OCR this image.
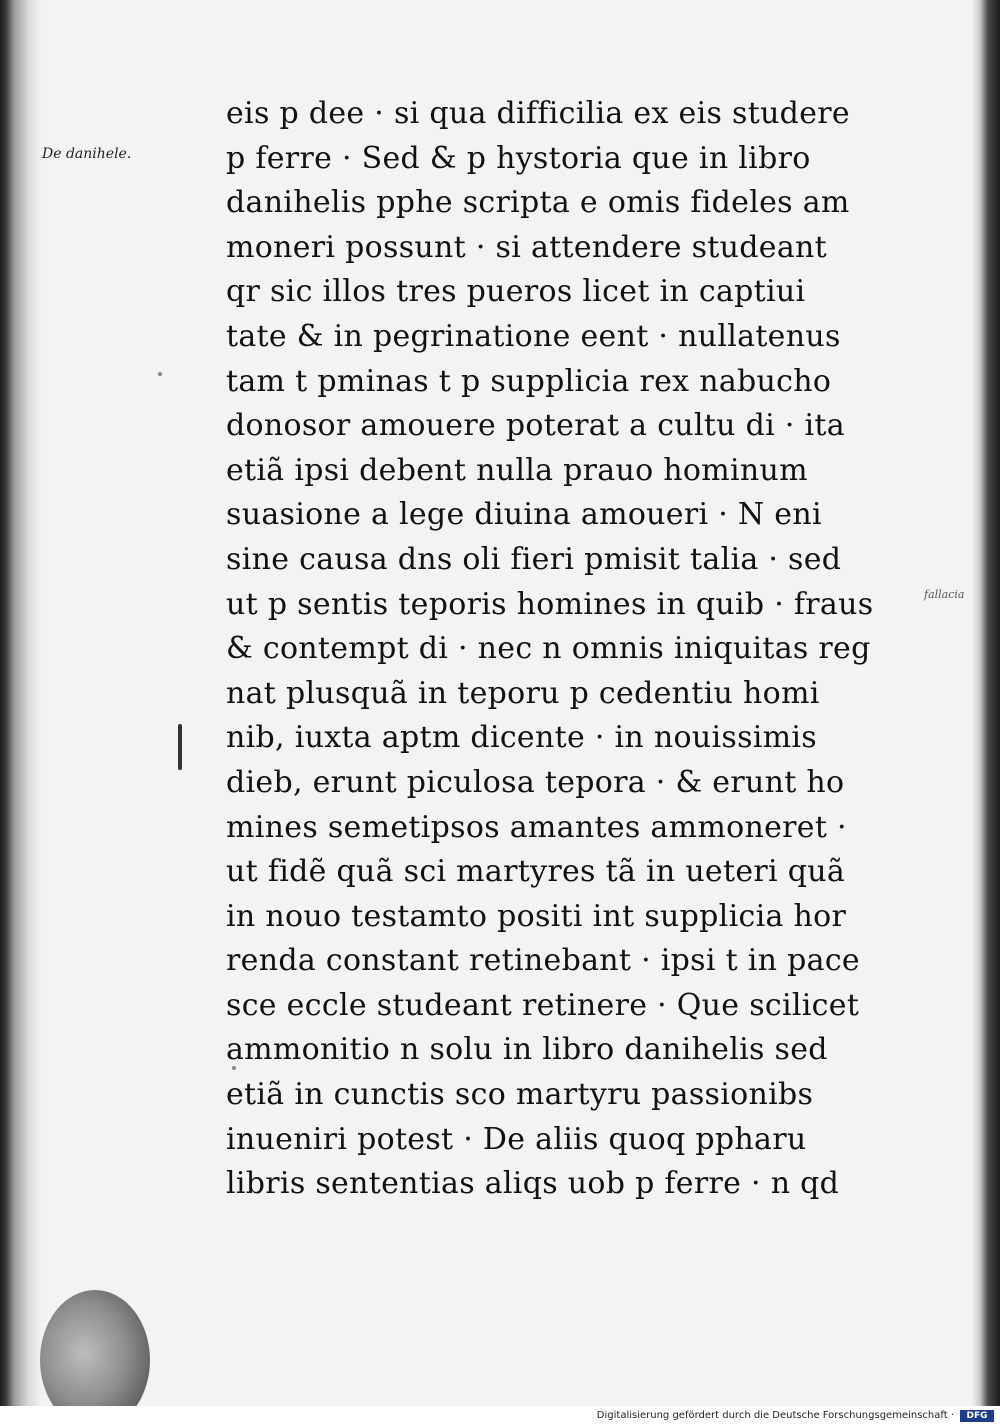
De danihele.
fallacia
eis p dee · si qua difficilia ex eis studere
p ferre · Sed & p hystoria que in libro
danihelis pphe scripta e omis fideles am
moneri possunt · si attendere studeant
qr sic illos tres pueros licet in captiui
tate & in pegrinatione eent · nullatenus
tam t pminas t p supplicia rex nabucho
donosor amouere poterat a cultu di · ita
etiã ipsi debent nulla prauo hominum
suasione a lege diuina amoueri · N eni
sine causa dns oli fieri pmisit talia · sed
ut p sentis teporis homines in quib · fraus
& contempt di · nec n omnis iniquitas reg
nat plusquã in teporu p cedentiu homi
nib, iuxta aptm dicente · in nouissimis
dieb, erunt piculosa tepora · & erunt ho
mines semetipsos amantes ammoneret ·
ut fidẽ quã sci martyres tã in ueteri quã
in nouo testamto positi int supplicia hor
renda constant retinebant · ipsi t in pace
sce eccle studeant retinere · Que scilicet
ammonitio n solu in libro danihelis sed
etiã in cunctis sco martyru passionibs
inueniri potest · De aliis quoq ppharu
libris sententias aliqs uob p ferre · n qd
Digitalisierung gefördert durch die Deutsche Forschungsgemeinschaft ·	DFG
